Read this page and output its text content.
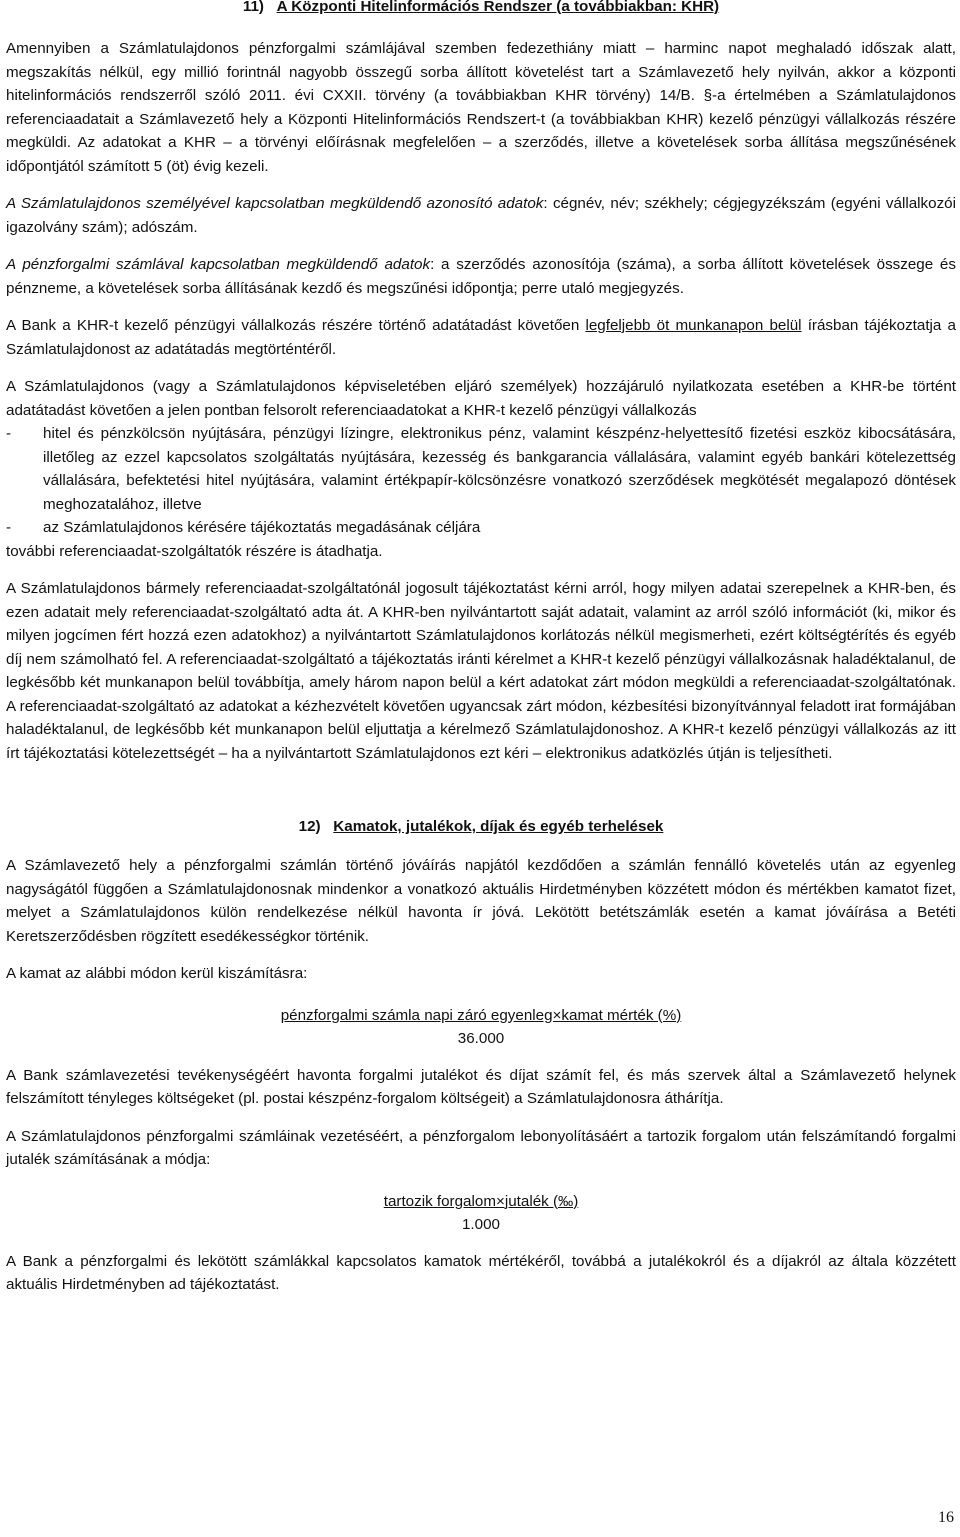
11) A Központi Hitelinformációs Rendszer (a továbbiakban: KHR)

Amennyiben a Számlatulajdonos pénzforgalmi számlájával szemben fedezethiány miatt – harminc napot meghaladó időszak alatt, megszakítás nélkül, egy millió forintnál nagyobb összegű sorba állított követelést tart a Számlavezető hely nyilván, akkor a központi hitelinformációs rendszerről szóló 2011. évi CXXII. törvény (a továbbiakban KHR törvény) 14/B. §-a értelmében a Számlatulajdonos referenciaadatait a Számlavezető hely a Központi Hitelinformációs Rendszert-t (a továbbiakban KHR) kezelő pénzügyi vállalkozás részére megküldi. Az adatokat a KHR – a törvényi előírásnak megfelelően – a szerződés, illetve a követelések sorba állítása megszűnésének időpontjától számított 5 (öt) évig kezeli.

A Számlatulajdonos személyével kapcsolatban megküldendő azonosító adatok: cégnév, név; székhely; cégjegyzékszám (egyéni vállalkozói igazolvány szám); adószám.

A pénzforgalmi számlával kapcsolatban megküldendő adatok: a szerződés azonosítója (száma), a sorba állított követelések összege és pénzneme, a követelések sorba állításának kezdő és megszűnési időpontja; perre utaló megjegyzés.

A Bank a KHR-t kezelő pénzügyi vállalkozás részére történő adatátadást követően legfeljebb öt munkanapon belül írásban tájékoztatja a Számlatulajdonost az adatátadás megtörténtéről.

A Számlatulajdonos (vagy a Számlatulajdonos képviseletében eljáró személyek) hozzájáruló nyilatkozata esetében a KHR-be történt adatátadást követően a jelen pontban felsorolt referenciaadatokat a KHR-t kezelő pénzügyi vállalkozás

- hitel és pénzkölcsön nyújtására, pénzügyi lízingre, elektronikus pénz, valamint készpénz-helyettesítő fizetési eszköz kibocsátására, illetőleg az ezzel kapcsolatos szolgáltatás nyújtására, kezesség és bankgarancia vállalására, valamint egyéb bankári kötelezettség vállalására, befektetési hitel nyújtására, valamint értékpapír-kölcsönzésre vonatkozó szerződések megkötését megalapozó döntések meghozatalához, illetve
- az Számlatulajdonos kérésére tájékoztatás megadásának céljára

további referenciaadat-szolgáltatók részére is átadhatja.

A Számlatulajdonos bármely referenciaadat-szolgáltatónál jogosult tájékoztatást kérni arról, hogy milyen adatai szerepelnek a KHR-ben, és ezen adatait mely referenciaadat-szolgáltató adta át. A KHR-ben nyilvántartott saját adatait, valamint az arról szóló információt (ki, mikor és milyen jogcímen fért hozzá ezen adatokhoz) a nyilvántartott Számlatulajdonos korlátozás nélkül megismerheti, ezért költségtérítés és egyéb díj nem számolható fel. A referenciaadat-szolgáltató a tájékoztatás iránti kérelmet a KHR-t kezelő pénzügyi vállalkozásnak haladéktalanul, de legkésőbb két munkanapon belül továbbítja, amely három napon belül a kért adatokat zárt módon megküldi a referenciaadat-szolgáltatónak. A referenciaadat-szolgáltató az adatokat a kézhezvételt követően ugyancsak zárt módon, kézbesítési bizonyítvánnyal feladott irat formájában haladéktalanul, de legkésőbb két munkanapon belül eljuttatja a kérelmező Számlatulajdonoshoz. A KHR-t kezelő pénzügyi vállalkozás az itt írt tájékoztatási kötelezettségét – ha a nyilvántartott Számlatulajdonos ezt kéri – elektronikus adatközlés útján is teljesítheti.

12) Kamatok, jutalékok, díjak és egyéb terhelések

A Számlavezető hely a pénzforgalmi számlán történő jóváírás napjától kezdődően a számlán fennálló követelés után az egyenleg nagyságától függően a Számlatulajdonosnak mindenkor a vonatkozó aktuális Hirdetményben közzétett módon és mértékben kamatot fizet, melyet a Számlatulajdonos külön rendelkezése nélkül havonta ír jóvá. Lekötött betétszámlák esetén a kamat jóváírása a Betéti Keretszerződésben rögzített esedékességkor történik.

A kamat az alábbi módon kerül kiszámításra:

pénzforgalmi számla napi záró egyenleg×kamat mérték (%)
36.000

A Bank számlavezetési tevékenységéért havonta forgalmi jutalékot és díjat számít fel, és más szervek által a Számlavezető helynek felszámított tényleges költségeket (pl. postai készpénz-forgalom költségeit) a Számlatulajdonosra áthárítja.

A Számlatulajdonos pénzforgalmi számláinak vezetéséért, a pénzforgalom lebonyolításáért a tartozik forgalom után felszámítandó forgalmi jutalék számításának a módja:

tartozik forgalom×jutalék (‰)
1.000

A Bank a pénzforgalmi és lekötött számlákkal kapcsolatos kamatok mértékéről, továbbá a jutalékokról és a díjakról az általa közzétett aktuális Hirdetményben ad tájékoztatást.

16
